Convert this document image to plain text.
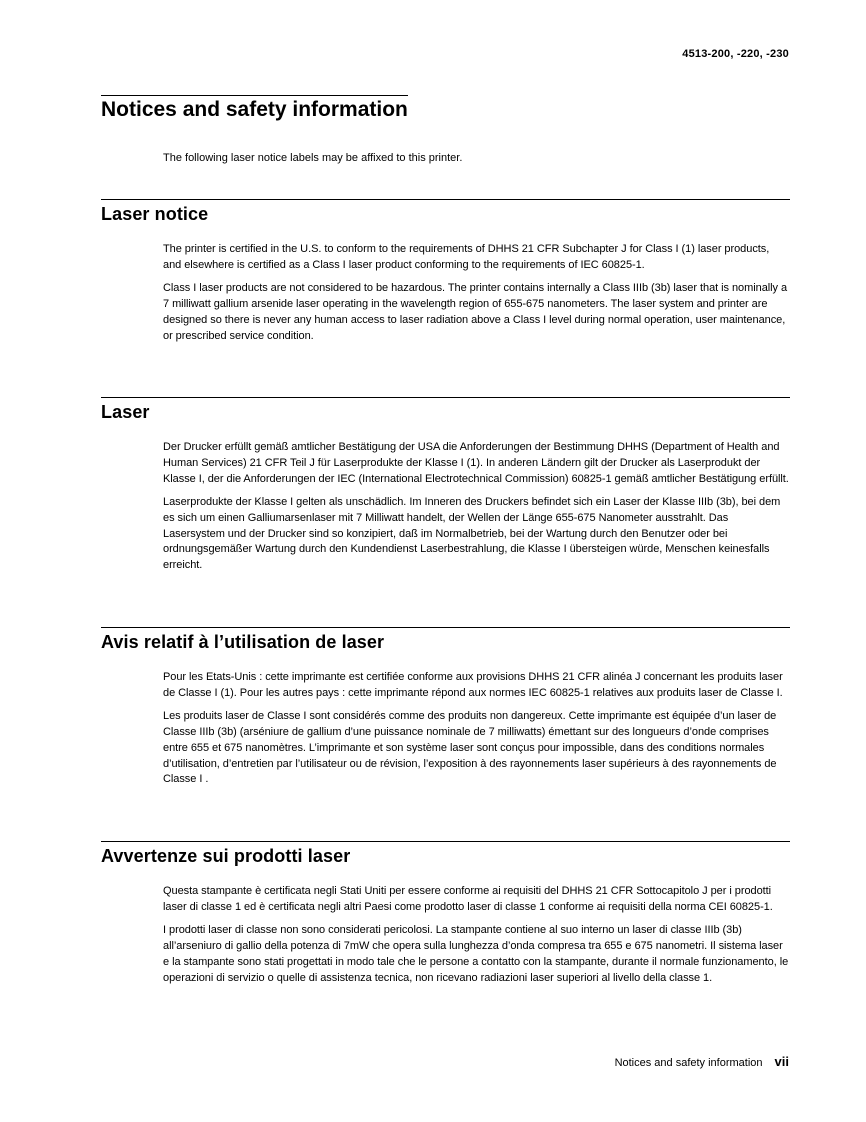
4513-200, -220, -230
Notices and safety information

The following laser notice labels may be affixed to this printer.

Laser notice

The printer is certified in the U.S. to conform to the requirements of DHHS 21 CFR Subchapter J for Class I (1) laser products, and elsewhere is certified as a Class I laser product conforming to the requirements of IEC 60825-1.

Class I laser products are not considered to be hazardous. The printer contains internally a Class IIIb (3b) laser that is nominally a 7 milliwatt gallium arsenide laser operating in the wavelength region of 655-675 nanometers. The laser system and printer are designed so there is never any human access to laser radiation above a Class I level during normal operation, user maintenance, or prescribed service condition.

Laser

Der Drucker erfüllt gemäß amtlicher Bestätigung der USA die Anforderungen der Bestimmung DHHS (Department of Health and Human Services) 21 CFR Teil J für Laserprodukte der Klasse I (1). In anderen Ländern gilt der Drucker als Laserprodukt der Klasse I, der die Anforderungen der IEC (International Electrotechnical Commission) 60825-1 gemäß amtlicher Bestätigung erfüllt.

Laserprodukte der Klasse I gelten als unschädlich. Im Inneren des Druckers befindet sich ein Laser der Klasse IIIb (3b), bei dem es sich um einen Galliumarsenlaser mit 7 Milliwatt handelt, der Wellen der Länge 655-675 Nanometer ausstrahlt. Das Lasersystem und der Drucker sind so konzipiert, daß im Normalbetrieb, bei der Wartung durch den Benutzer oder bei ordnungsgemäßer Wartung durch den Kundendienst Laserbestrahlung, die Klasse I übersteigen würde, Menschen keinesfalls erreicht.

Avis relatif à l’utilisation de laser

Pour les Etats-Unis : cette imprimante est certifiée conforme aux provisions DHHS 21 CFR alinéa J concernant les produits laser de Classe I (1). Pour les autres pays : cette imprimante répond aux normes IEC 60825-1 relatives aux produits laser de Classe I.

Les produits laser de Classe I sont considérés comme des produits non dangereux. Cette imprimante est équipée d’un laser de Classe IIIb (3b) (arséniure de gallium d’une puissance nominale de 7 milliwatts) émettant sur des longueurs d’onde comprises entre 655 et 675 nanomètres. L’imprimante et son système laser sont conçus pour impossible, dans des conditions normales d’utilisation, d’entretien par l’utilisateur ou de révision, l’exposition à des rayonnements laser supérieurs à des rayonnements de Classe I .

Avvertenze sui prodotti laser

Questa stampante è certificata negli Stati Uniti per essere conforme ai requisiti del DHHS 21 CFR Sottocapitolo J per i prodotti laser di classe 1 ed è certificata negli altri Paesi come prodotto laser di classe 1 conforme ai requisiti della norma CEI 60825-1.

I prodotti laser di classe non sono considerati pericolosi. La stampante contiene al suo interno un laser di classe IIIb (3b) all’arseniuro di gallio della potenza di 7mW che opera sulla lunghezza d’onda compresa tra 655 e 675 nanometri. Il sistema laser e la stampante sono stati progettati in modo tale che le persone a contatto con la stampante, durante il normale funzionamento, le operazioni di servizio o quelle di assistenza tecnica, non ricevano radiazioni laser superiori al livello della classe 1.

Notices and safety information vii
